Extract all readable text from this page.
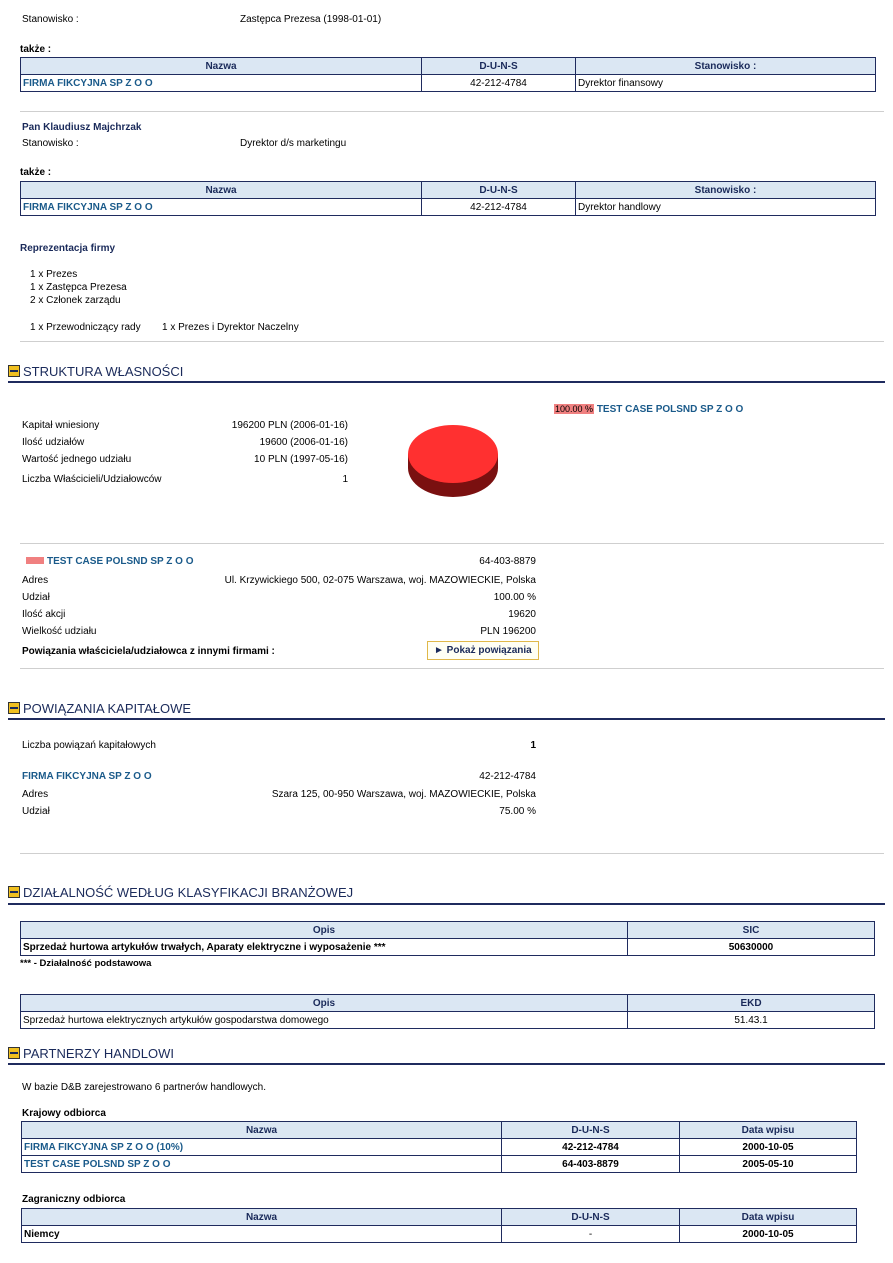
Stanowisko :	Zastępca Prezesa (1998-01-01)
także :
Nazwa	D-U-N-S	Stanowisko :
FIRMA FIKCYJNA SP Z O O	42-212-4784	Dyrektor finansowy
Pan Klaudiusz Majchrzak
Stanowisko :	Dyrektor d/s marketingu
także :
Nazwa	D-U-N-S	Stanowisko :
FIRMA FIKCYJNA SP Z O O	42-212-4784	Dyrektor handlowy
Reprezentacja firmy
1 x Prezes
1 x Zastępca Prezesa
2 x Członek zarządu
1 x Przewodniczący rady 1 x Prezes i Dyrektor Naczelny
STRUKTURA WŁASNOŚCI
Kapitał wniesiony	196200 PLN (2006-01-16)
Ilość udziałów	19600 (2006-01-16)
Wartość jednego udziału	10 PLN (1997-05-16)
Liczba Właścicieli/Udziałowców	1
100.00 % TEST CASE POLSND SP Z O O
TEST CASE POLSND SP Z O O	64-403-8879
Adres	Ul. Krzywickiego 500, 02-075 Warszawa, woj. MAZOWIECKIE, Polska
Udział	100.00 %
Ilość akcji	19620
Wielkość udziału	PLN 196200
Powiązania właściciela/udziałowca z innymi firmami :	► Pokaż powiązania
POWIĄZANIA KAPITAŁOWE
Liczba powiązań kapitałowych	1
FIRMA FIKCYJNA SP Z O O	42-212-4784
Adres	Szara 125, 00-950 Warszawa, woj. MAZOWIECKIE, Polska
Udział	75.00 %
DZIAŁALNOŚĆ WEDŁUG KLASYFIKACJI BRANŻOWEJ
Opis	SIC
Sprzedaż hurtowa artykułów trwałych, Aparaty elektryczne i wyposażenie ***	50630000
*** - Działalność podstawowa
Opis	EKD
Sprzedaż hurtowa elektrycznych artykułów gospodarstwa domowego	51.43.1
PARTNERZY HANDLOWI
W bazie D&B zarejestrowano 6 partnerów handlowych.
Krajowy odbiorca
Nazwa	D-U-N-S	Data wpisu
FIRMA FIKCYJNA SP Z O O (10%)	42-212-4784	2000-10-05
TEST CASE POLSND SP Z O O	64-403-8879	2005-05-10
Zagraniczny odbiorca
Nazwa	D-U-N-S	Data wpisu
Niemcy	-	2000-10-05
